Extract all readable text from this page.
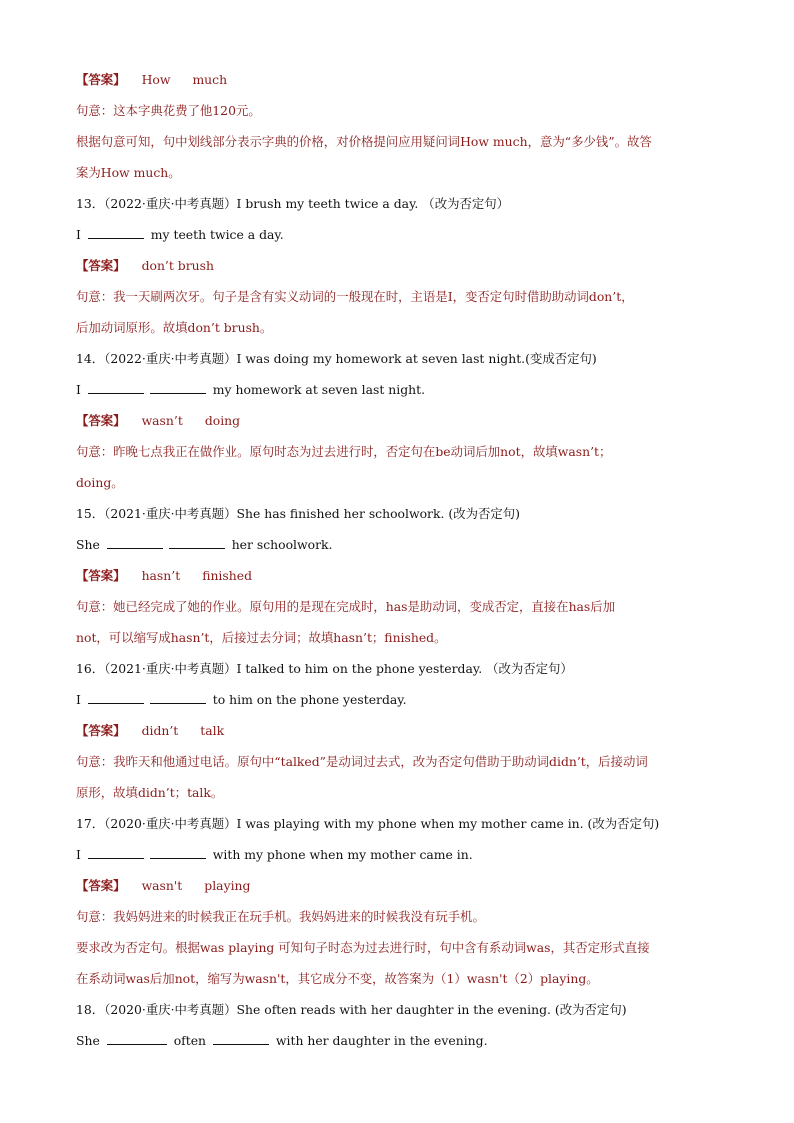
【答案】 How much
句意：这本字典花费了他120元。
根据句意可知，句中划线部分表示字典的价格，对价格提问应用疑问词How much，意为“多少钱”。故答
案为How much。
13．（2022·重庆·中考真题）I brush my teeth twice a day. （改为否定句）
I	my teeth twice a day.
【答案】 don’t brush
句意：我一天刷两次牙。句子是含有实义动词的一般现在时，主语是I，变否定句时借助助动词don’t，
后加动词原形。故填don’t brush。
14．（2022·重庆·中考真题）I was doing my homework at seven last night.(变成否定句)
I	my homework at seven last night.
【答案】 wasn’t doing
句意：昨晚七点我正在做作业。原句时态为过去进行时，否定句在be动词后加not，故填wasn’t；
doing。
15．（2021·重庆·中考真题）She has finished her schoolwork. (改为否定句)
She	her schoolwork.
【答案】 hasn’t finished
句意：她已经完成了她的作业。原句用的是现在完成时，has是助动词，变成否定，直接在has后加
not，可以缩写成hasn’t，后接过去分词；故填hasn’t；finished。
16．（2021·重庆·中考真题）I talked to him on the phone yesterday. （改为否定句）
I	to him on the phone yesterday.
【答案】 didn’t talk
句意：我昨天和他通过电话。原句中“talked”是动词过去式，改为否定句借助于助动词didn’t，后接动词
原形，故填didn’t；talk。
17．（2020·重庆·中考真题）I was playing with my phone when my mother came in. (改为否定句)
I	with my phone when my mother came in.
【答案】 wasn't playing
句意：我妈妈进来的时候我正在玩手机。我妈妈进来的时候我没有玩手机。
要求改为否定句。根据was playing 可知句子时态为过去进行时，句中含有系动词was，其否定形式直接
在系动词was后加not，缩写为wasn't，其它成分不变，故答案为（1）wasn't（2）playing。
18．（2020·重庆·中考真题）She often reads with her daughter in the evening. (改为否定句)
She	often	with her daughter in the evening.
